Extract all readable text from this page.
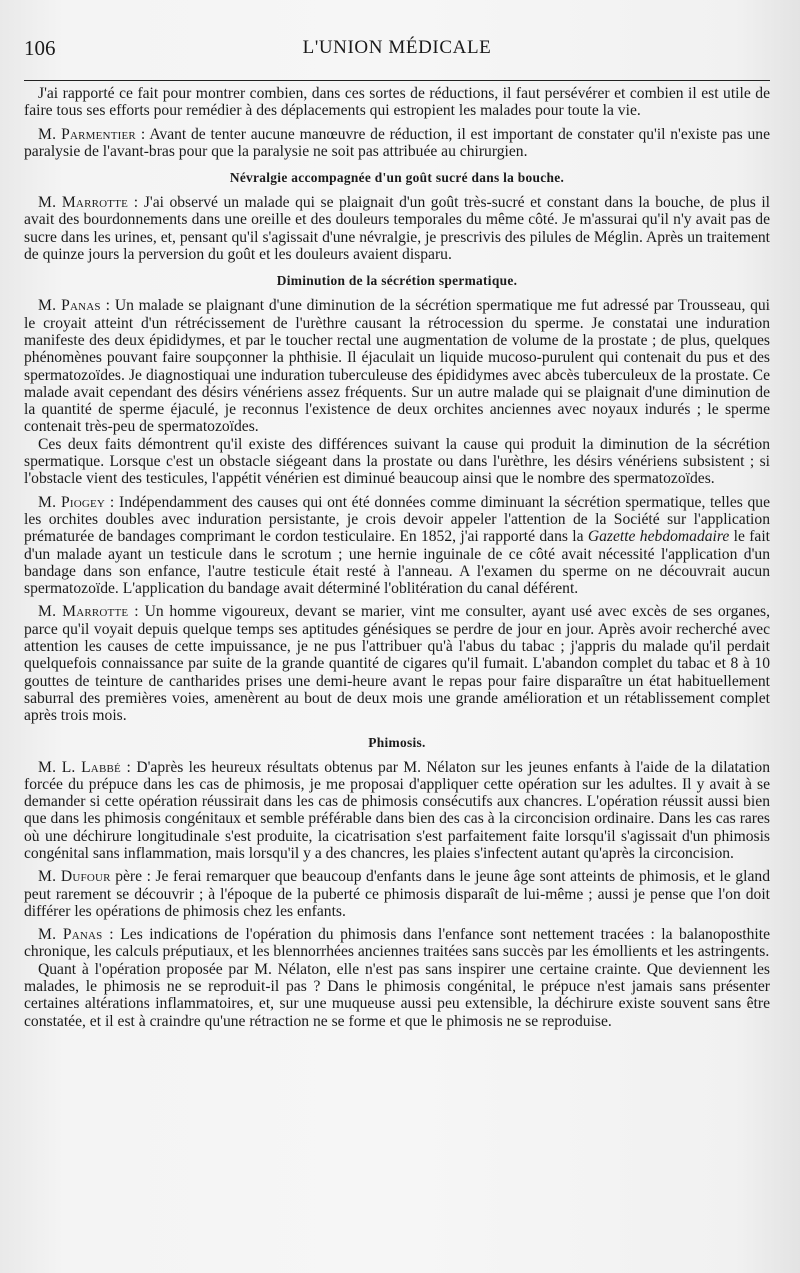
106	L'UNION MÉDICALE

J'ai rapporté ce fait pour montrer combien, dans ces sortes de réductions, il faut persévérer et combien il est utile de faire tous ses efforts pour remédier à des déplacements qui estropient les malades pour toute la vie.

M. Parmentier : Avant de tenter aucune manœuvre de réduction, il est important de constater qu'il n'existe pas une paralysie de l'avant-bras pour que la paralysie ne soit pas attribuée au chirurgien.

Névralgie accompagnée d'un goût sucré dans la bouche.

M. Marrotte : J'ai observé un malade qui se plaignait d'un goût très-sucré et constant dans la bouche, de plus il avait des bourdonnements dans une oreille et des douleurs temporales du même côté. Je m'assurai qu'il n'y avait pas de sucre dans les urines, et, pensant qu'il s'agissait d'une névralgie, je prescrivis des pilules de Méglin. Après un traitement de quinze jours la perversion du goût et les douleurs avaient disparu.

Diminution de la sécrétion spermatique.

M. Panas : Un malade se plaignant d'une diminution de la sécrétion spermatique me fut adressé par Trousseau, qui le croyait atteint d'un rétrécissement de l'urèthre causant la rétrocession du sperme. Je constatai une induration manifeste des deux épididymes, et par le toucher rectal une augmentation de volume de la prostate ; de plus, quelques phénomènes pouvant faire soupçonner la phthisie. Il éjaculait un liquide mucoso-purulent qui contenait du pus et des spermatozoïdes. Je diagnostiquai une induration tuberculeuse des épididymes avec abcès tuberculeux de la prostate. Ce malade avait cependant des désirs vénériens assez fréquents. Sur un autre malade qui se plaignait d'une diminution de la quantité de sperme éjaculé, je reconnus l'existence de deux orchites anciennes avec noyaux indurés ; le sperme contenait très-peu de spermatozoïdes.

Ces deux faits démontrent qu'il existe des différences suivant la cause qui produit la diminution de la sécrétion spermatique. Lorsque c'est un obstacle siégeant dans la prostate ou dans l'urèthre, les désirs vénériens subsistent ; si l'obstacle vient des testicules, l'appétit vénérien est diminué beaucoup ainsi que le nombre des spermatozoïdes.

M. Piogey : Indépendamment des causes qui ont été données comme diminuant la sécrétion spermatique, telles que les orchites doubles avec induration persistante, je crois devoir appeler l'attention de la Société sur l'application prématurée de bandages comprimant le cordon testiculaire. En 1852, j'ai rapporté dans la Gazette hebdomadaire le fait d'un malade ayant un testicule dans le scrotum ; une hernie inguinale de ce côté avait nécessité l'application d'un bandage dans son enfance, l'autre testicule était resté à l'anneau. A l'examen du sperme on ne découvrait aucun spermatozoïde. L'application du bandage avait déterminé l'oblitération du canal déférent.

M. Marrotte : Un homme vigoureux, devant se marier, vint me consulter, ayant usé avec excès de ses organes, parce qu'il voyait depuis quelque temps ses aptitudes génésiques se perdre de jour en jour. Après avoir recherché avec attention les causes de cette impuissance, je ne pus l'attribuer qu'à l'abus du tabac ; j'appris du malade qu'il perdait quelquefois connaissance par suite de la grande quantité de cigares qu'il fumait. L'abandon complet du tabac et 8 à 10 gouttes de teinture de cantharides prises une demi-heure avant le repas pour faire disparaître un état habituellement saburral des premières voies, amenèrent au bout de deux mois une grande amélioration et un rétablissement complet après trois mois.

Phimosis.

M. L. Labbé : D'après les heureux résultats obtenus par M. Nélaton sur les jeunes enfants à l'aide de la dilatation forcée du prépuce dans les cas de phimosis, je me proposai d'appliquer cette opération sur les adultes. Il y avait à se demander si cette opération réussirait dans les cas de phimosis consécutifs aux chancres. L'opération réussit aussi bien que dans les phimosis congénitaux et semble préférable dans bien des cas à la circoncision ordinaire. Dans les cas rares où une déchirure longitudinale s'est produite, la cicatrisation s'est parfaitement faite lorsqu'il s'agissait d'un phimosis congénital sans inflammation, mais lorsqu'il y a des chancres, les plaies s'infectent autant qu'après la circoncision.

M. Dufour père : Je ferai remarquer que beaucoup d'enfants dans le jeune âge sont atteints de phimosis, et le gland peut rarement se découvrir ; à l'époque de la puberté ce phimosis disparaît de lui-même ; aussi je pense que l'on doit différer les opérations de phimosis chez les enfants.

M. Panas : Les indications de l'opération du phimosis dans l'enfance sont nettement tracées : la balanoposthite chronique, les calculs préputiaux, et les blennorrhées anciennes traitées sans succès par les émollients et les astringents.

Quant à l'opération proposée par M. Nélaton, elle n'est pas sans inspirer une certaine crainte. Que deviennent les malades, le phimosis ne se reproduit-il pas ? Dans le phimosis congénital, le prépuce n'est jamais sans présenter certaines altérations inflammatoires, et, sur une muqueuse aussi peu extensible, la déchirure existe souvent sans être constatée, et il est à craindre qu'une rétraction ne se forme et que le phimosis ne se reproduise.
